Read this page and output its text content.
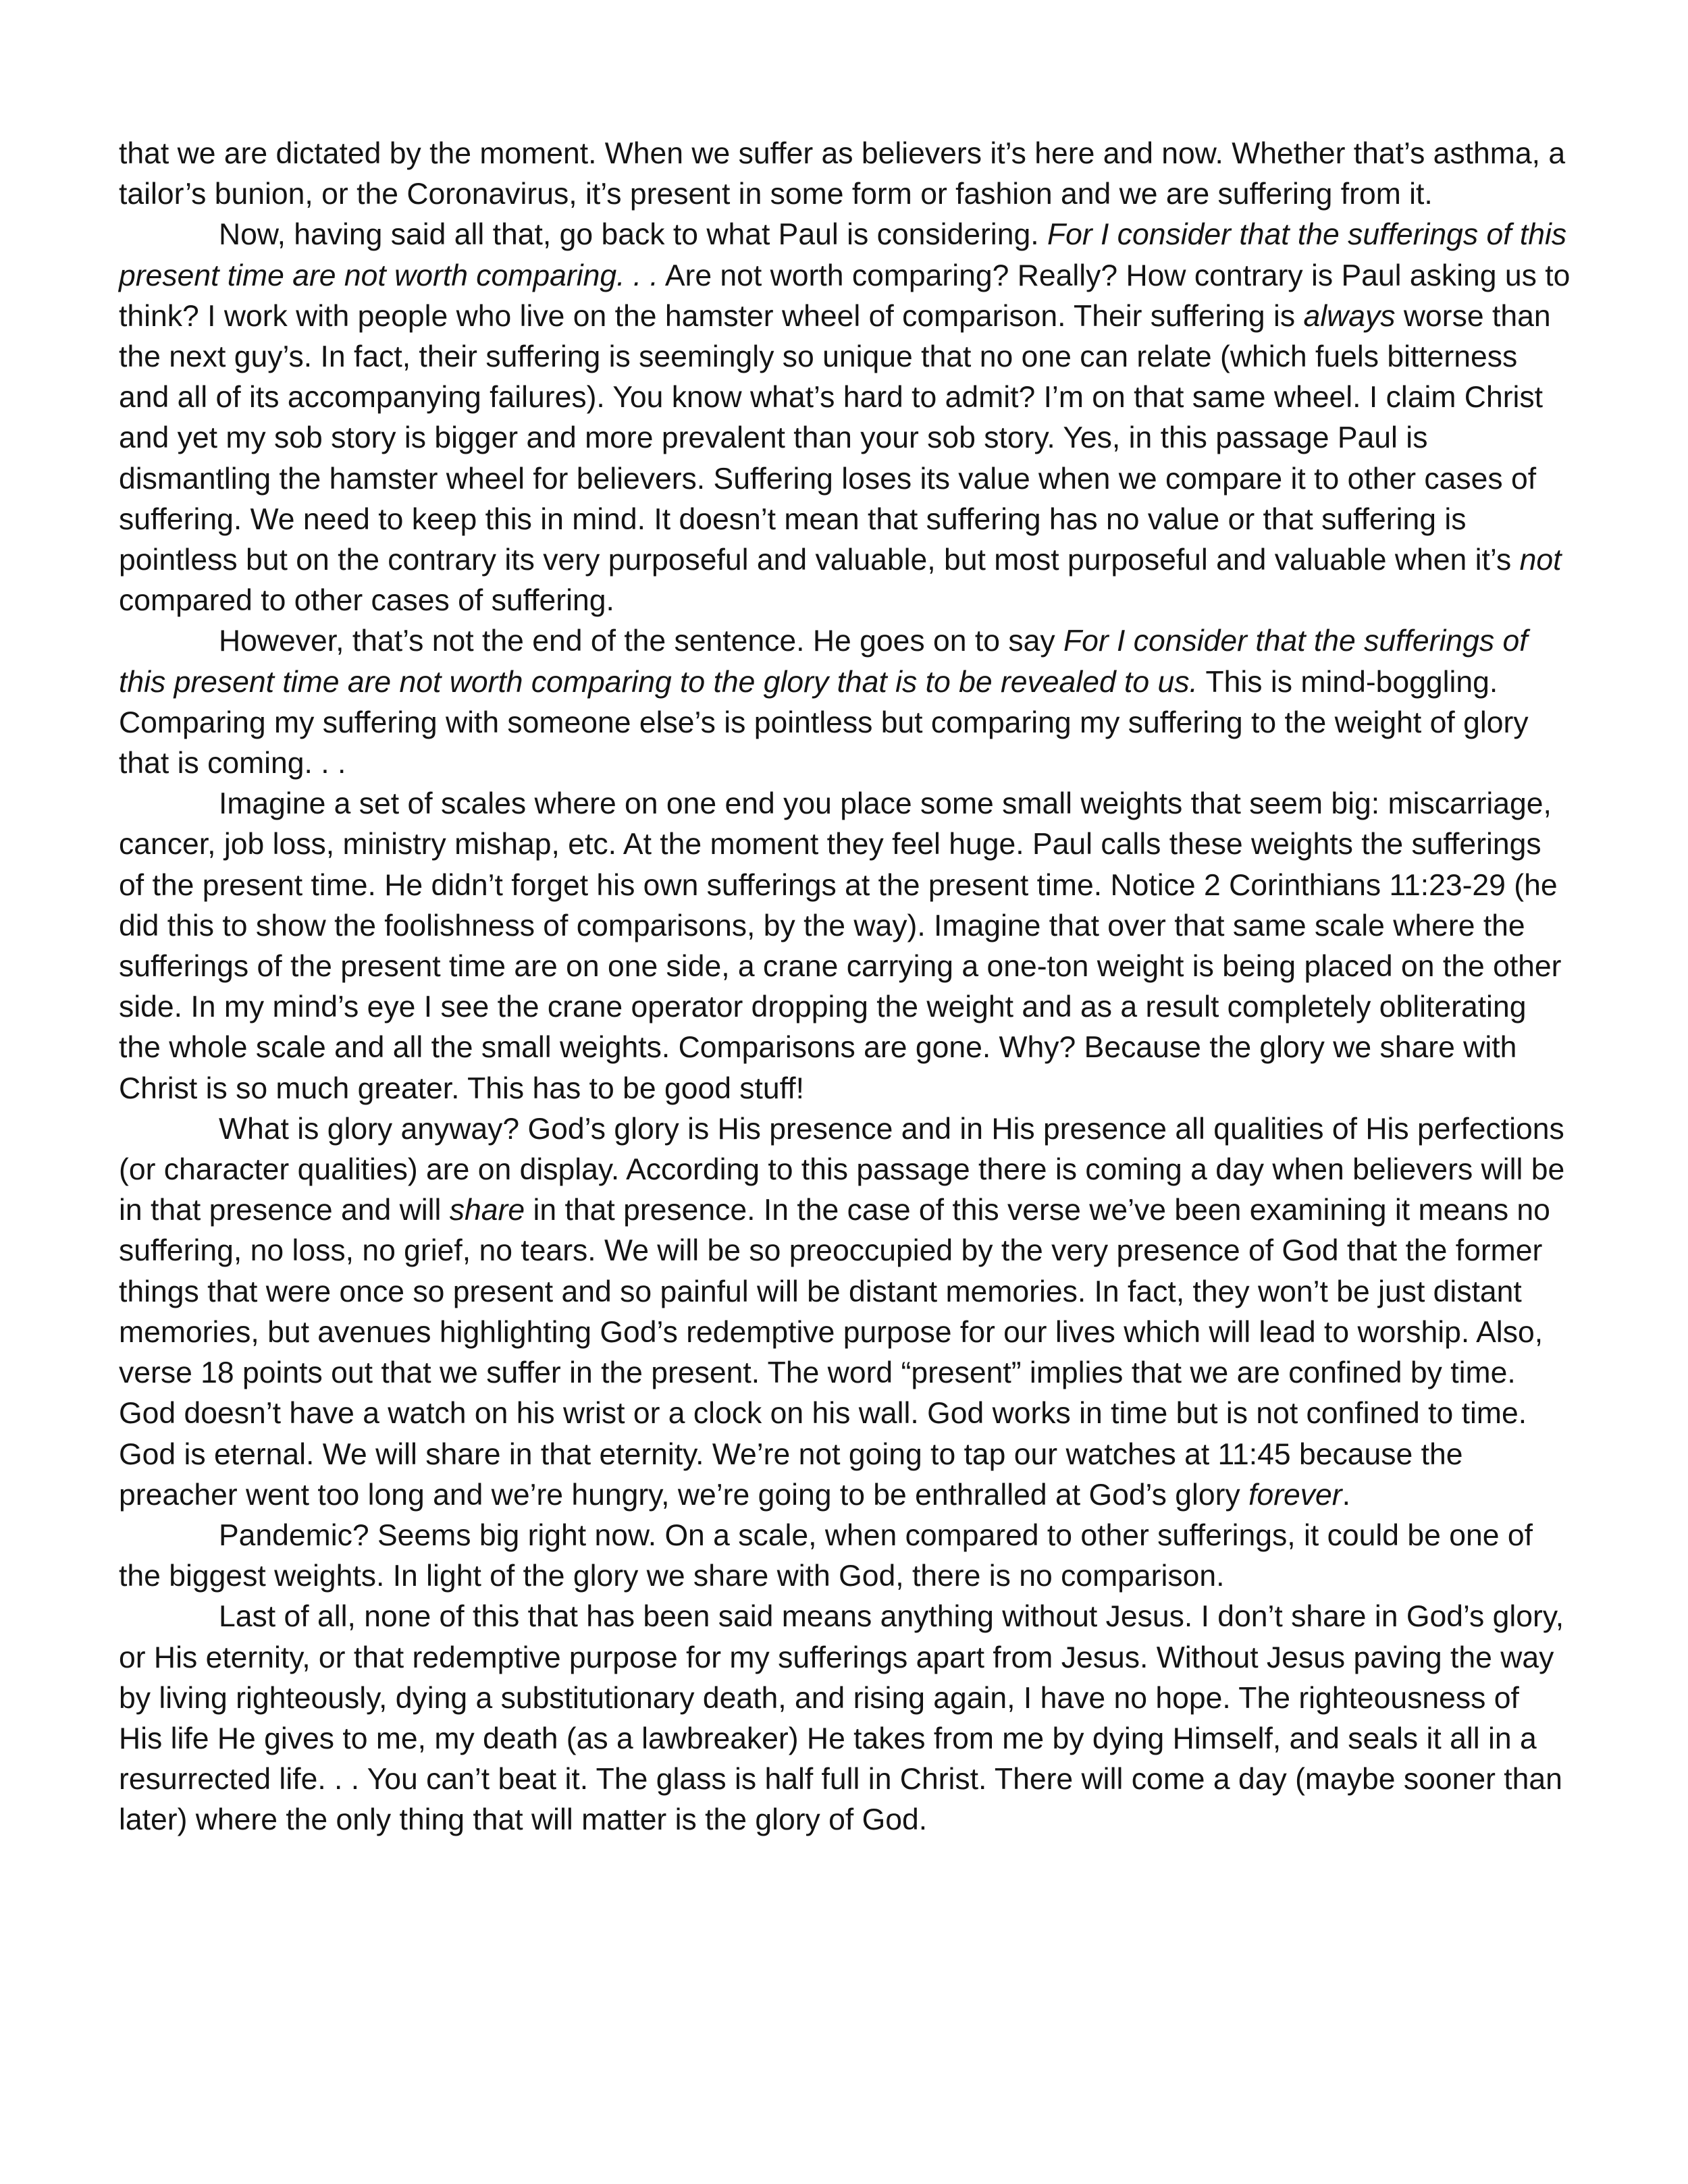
that we are dictated by the moment. When we suffer as believers it’s here and now. Whether that’s asthma, a tailor’s bunion, or the Coronavirus, it’s present in some form or fashion and we are suffering from it.

Now, having said all that, go back to what Paul is considering. For I consider that the sufferings of this present time are not worth comparing. . . Are not worth comparing? Really? How contrary is Paul asking us to think? I work with people who live on the hamster wheel of comparison. Their suffering is always worse than the next guy’s. In fact, their suffering is seemingly so unique that no one can relate (which fuels bitterness and all of its accompanying failures). You know what’s hard to admit? I’m on that same wheel. I claim Christ and yet my sob story is bigger and more prevalent than your sob story. Yes, in this passage Paul is dismantling the hamster wheel for believers. Suffering loses its value when we compare it to other cases of suffering. We need to keep this in mind. It doesn’t mean that suffering has no value or that suffering is pointless but on the contrary its very purposeful and valuable, but most purposeful and valuable when it’s not compared to other cases of suffering.

However, that’s not the end of the sentence. He goes on to say For I consider that the sufferings of this present time are not worth comparing to the glory that is to be revealed to us. This is mind-boggling. Comparing my suffering with someone else’s is pointless but comparing my suffering to the weight of glory that is coming. . .

Imagine a set of scales where on one end you place some small weights that seem big: miscarriage, cancer, job loss, ministry mishap, etc. At the moment they feel huge. Paul calls these weights the sufferings of the present time. He didn’t forget his own sufferings at the present time. Notice 2 Corinthians 11:23-29 (he did this to show the foolishness of comparisons, by the way). Imagine that over that same scale where the sufferings of the present time are on one side, a crane carrying a one-ton weight is being placed on the other side. In my mind’s eye I see the crane operator dropping the weight and as a result completely obliterating the whole scale and all the small weights. Comparisons are gone. Why? Because the glory we share with Christ is so much greater. This has to be good stuff!

What is glory anyway? God’s glory is His presence and in His presence all qualities of His perfections (or character qualities) are on display. According to this passage there is coming a day when believers will be in that presence and will share in that presence. In the case of this verse we’ve been examining it means no suffering, no loss, no grief, no tears. We will be so preoccupied by the very presence of God that the former things that were once so present and so painful will be distant memories. In fact, they won’t be just distant memories, but avenues highlighting God’s redemptive purpose for our lives which will lead to worship. Also, verse 18 points out that we suffer in the present. The word “present” implies that we are confined by time. God doesn’t have a watch on his wrist or a clock on his wall. God works in time but is not confined to time. God is eternal. We will share in that eternity. We’re not going to tap our watches at 11:45 because the preacher went too long and we’re hungry, we’re going to be enthralled at God’s glory forever.

Pandemic? Seems big right now. On a scale, when compared to other sufferings, it could be one of the biggest weights. In light of the glory we share with God, there is no comparison.

Last of all, none of this that has been said means anything without Jesus. I don’t share in God’s glory, or His eternity, or that redemptive purpose for my sufferings apart from Jesus. Without Jesus paving the way by living righteously, dying a substitutionary death, and rising again, I have no hope. The righteousness of His life He gives to me, my death (as a lawbreaker) He takes from me by dying Himself, and seals it all in a resurrected life. . . You can’t beat it. The glass is half full in Christ. There will come a day (maybe sooner than later) where the only thing that will matter is the glory of God.
